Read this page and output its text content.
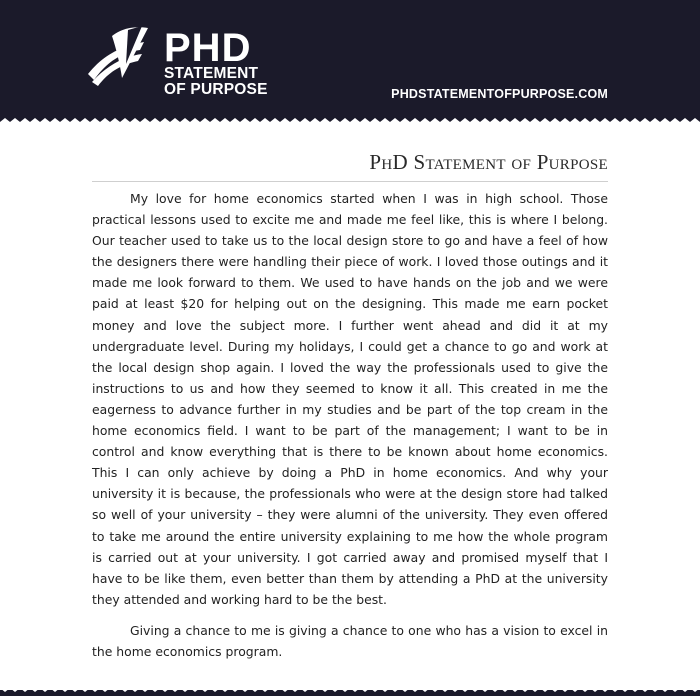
PHD
STATEMENT
OF PURPOSE	PHDSTATEMENTOFPURPOSE.COM
PhD Statement of Purpose

My love for home economics started when I was in high school. Those practical lessons used to excite me and made me feel like, this is where I belong. Our teacher used to take us to the local design store to go and have a feel of how the designers there were handling their piece of work. I loved those outings and it made me look forward to them. We used to have hands on the job and we were paid at least $20 for helping out on the designing. This made me earn pocket money and love the subject more. I further went ahead and did it at my undergraduate level. During my holidays, I could get a chance to go and work at the local design shop again. I loved the way the professionals used to give the instructions to us and how they seemed to know it all. This created in me the eagerness to advance further in my studies and be part of the top cream in the home economics field. I want to be part of the management; I want to be in control and know everything that is there to be known about home economics. This I can only achieve by doing a PhD in home economics. And why your university it is because, the professionals who were at the design store had talked so well of your university – they were alumni of the university. They even offered to take me around the entire university explaining to me how the whole program is carried out at your university. I got carried away and promised myself that I have to be like them, even better than them by attending a PhD at the university they attended and working hard to be the best.

Giving a chance to me is giving a chance to one who has a vision to excel in the home economics program.
